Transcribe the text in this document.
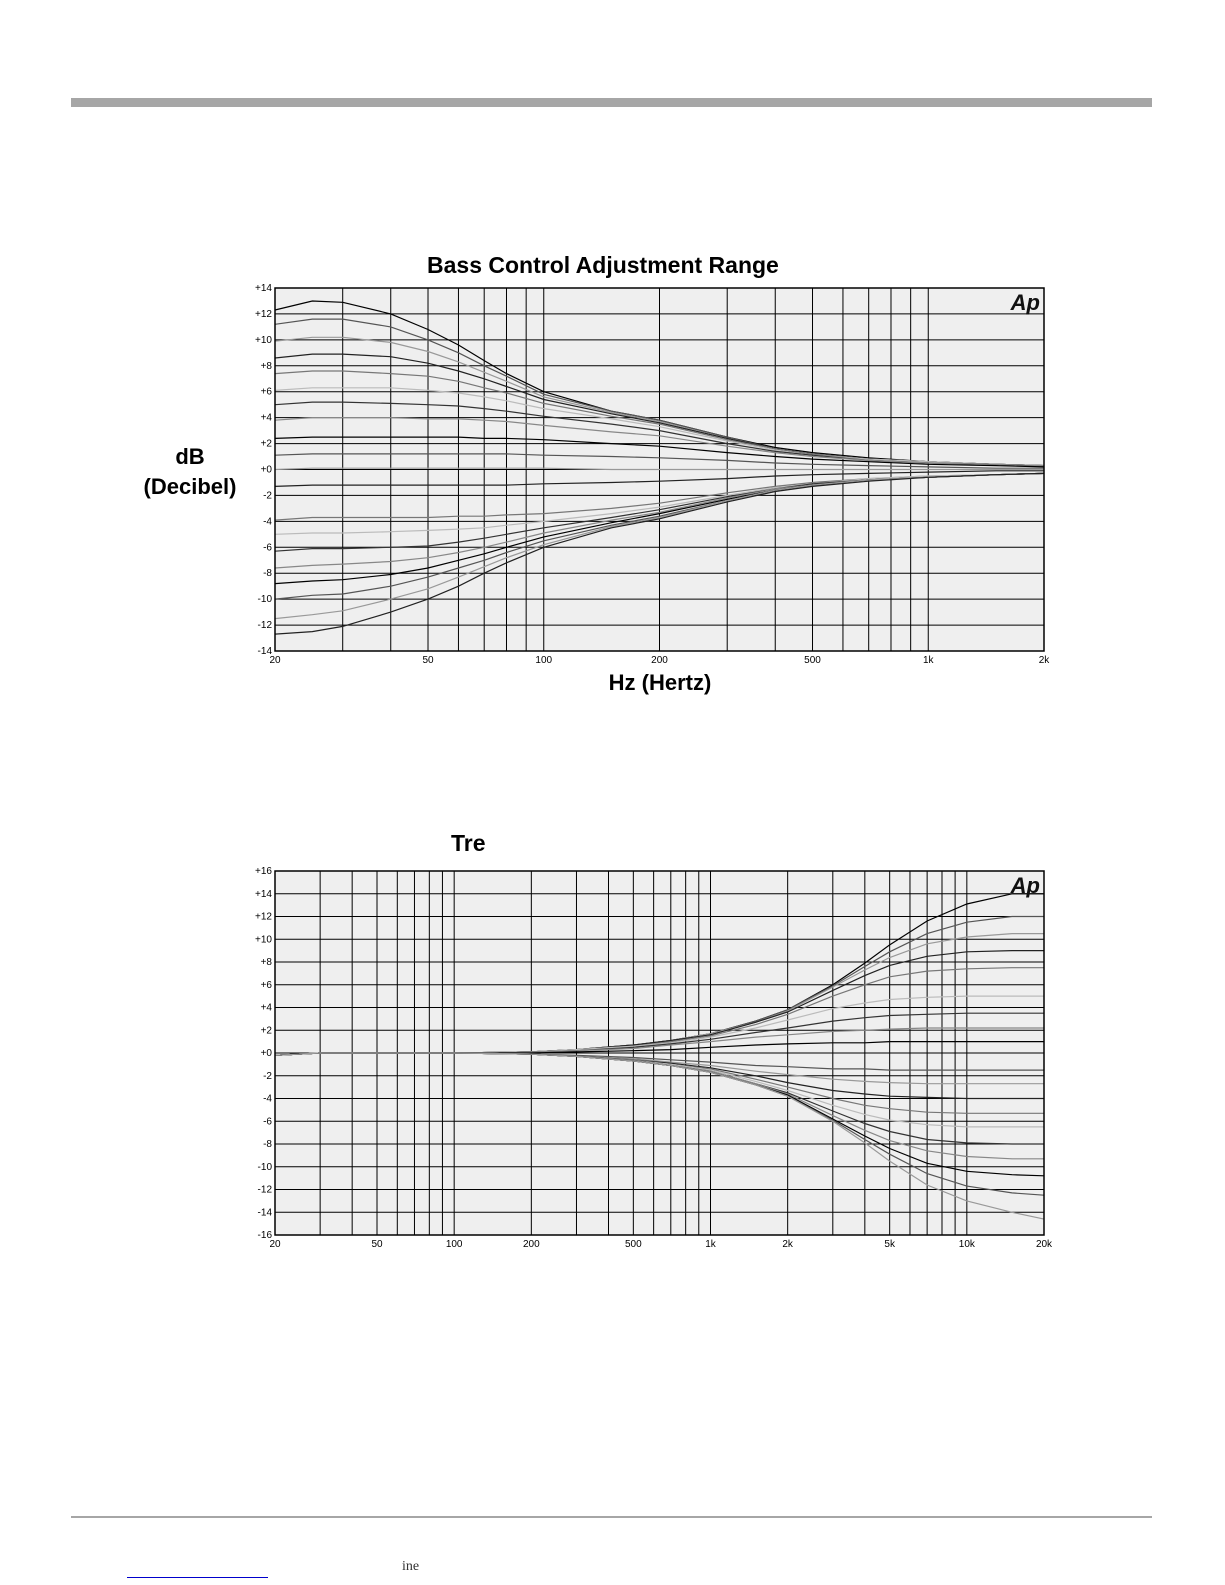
Bass Control Adjustment Range
dB
(Decibel)
Hz (Hertz)
Tre
+14
+12
+10
+8
+6
+4
+2
+0
-2
-4
-6
-8
-10
-12
-14
20	50	100	200	500	1k	2k
Ap
+16
+14
+12
+10
+8
+6
+4
+2
+0
-2
-4
-6
-8
-10
-12
-14
-16
20	50	100	200	500	1k	2k	5k	10k	20k
Ap
ine
